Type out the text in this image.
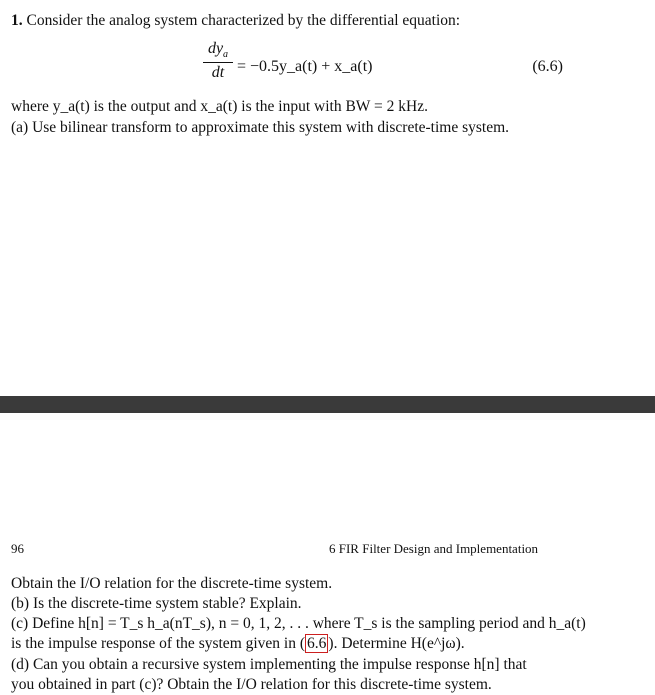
1. Consider the analog system characterized by the differential equation:
$dy_a$
dt = −0.5y_a(t) + x_a(t)	(6.6)
where y_a(t) is the output and x_a(t) is the input with BW = 2 kHz.
(a) Use bilinear transform to approximate this system with discrete-time system.
96	6 FIR Filter Design and Implementation
Obtain the I/O relation for the discrete-time system.
(b) Is the discrete-time system stable? Explain.
(c) Define h[n] = T_s h_a(nT_s), n = 0, 1, 2, . . . where T_s is the sampling period and h_a(t)
is the impulse response of the system given in ( 6.6 ). Determine H(e^jω).
(d) Can you obtain a recursive system implementing the impulse response h[n] that
you obtained in part (c)? Obtain the I/O relation for this discrete-time system.
